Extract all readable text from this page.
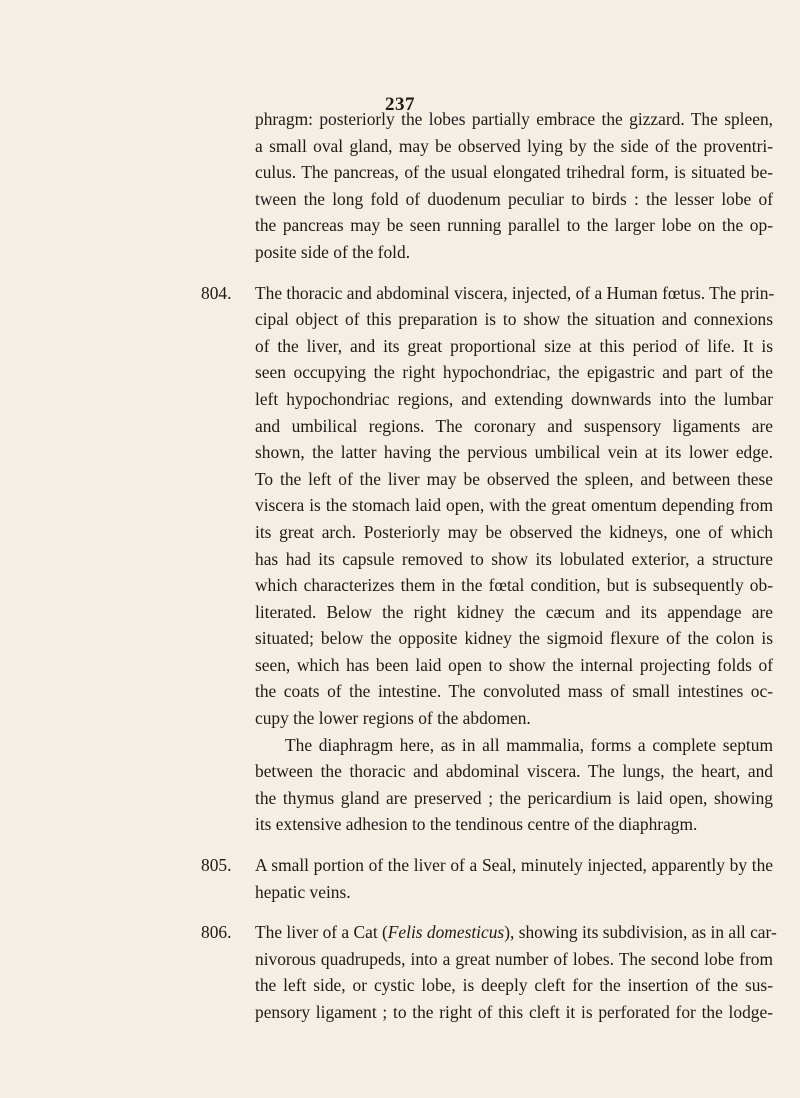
237
phragm: posteriorly the lobes partially embrace the gizzard. The spleen,
a small oval gland, may be observed lying by the side of the proventri-
culus. The pancreas, of the usual elongated trihedral form, is situated be-
tween the long fold of duodenum peculiar to birds : the lesser lobe of
the pancreas may be seen running parallel to the larger lobe on the op-
posite side of the fold.
804. The thoracic and abdominal viscera, injected, of a Human fœtus. The prin-
cipal object of this preparation is to show the situation and connexions
of the liver, and its great proportional size at this period of life. It is
seen occupying the right hypochondriac, the epigastric and part of the
left hypochondriac regions, and extending downwards into the lumbar
and umbilical regions. The coronary and suspensory ligaments are
shown, the latter having the pervious umbilical vein at its lower edge.
To the left of the liver may be observed the spleen, and between these
viscera is the stomach laid open, with the great omentum depending from
its great arch. Posteriorly may be observed the kidneys, one of which
has had its capsule removed to show its lobulated exterior, a structure
which characterizes them in the fœtal condition, but is subsequently ob-
literated. Below the right kidney the cæcum and its appendage are
situated; below the opposite kidney the sigmoid flexure of the colon is
seen, which has been laid open to show the internal projecting folds of
the coats of the intestine. The convoluted mass of small intestines oc-
cupy the lower regions of the abdomen.
The diaphragm here, as in all mammalia, forms a complete septum
between the thoracic and abdominal viscera. The lungs, the heart, and
the thymus gland are preserved ; the pericardium is laid open, showing
its extensive adhesion to the tendinous centre of the diaphragm.
805. A small portion of the liver of a Seal, minutely injected, apparently by the
hepatic veins.
806. The liver of a Cat (Felis domesticus), showing its subdivision, as in all car-
nivorous quadrupeds, into a great number of lobes. The second lobe from
the left side, or cystic lobe, is deeply cleft for the insertion of the sus-
pensory ligament ; to the right of this cleft it is perforated for the lodge-
